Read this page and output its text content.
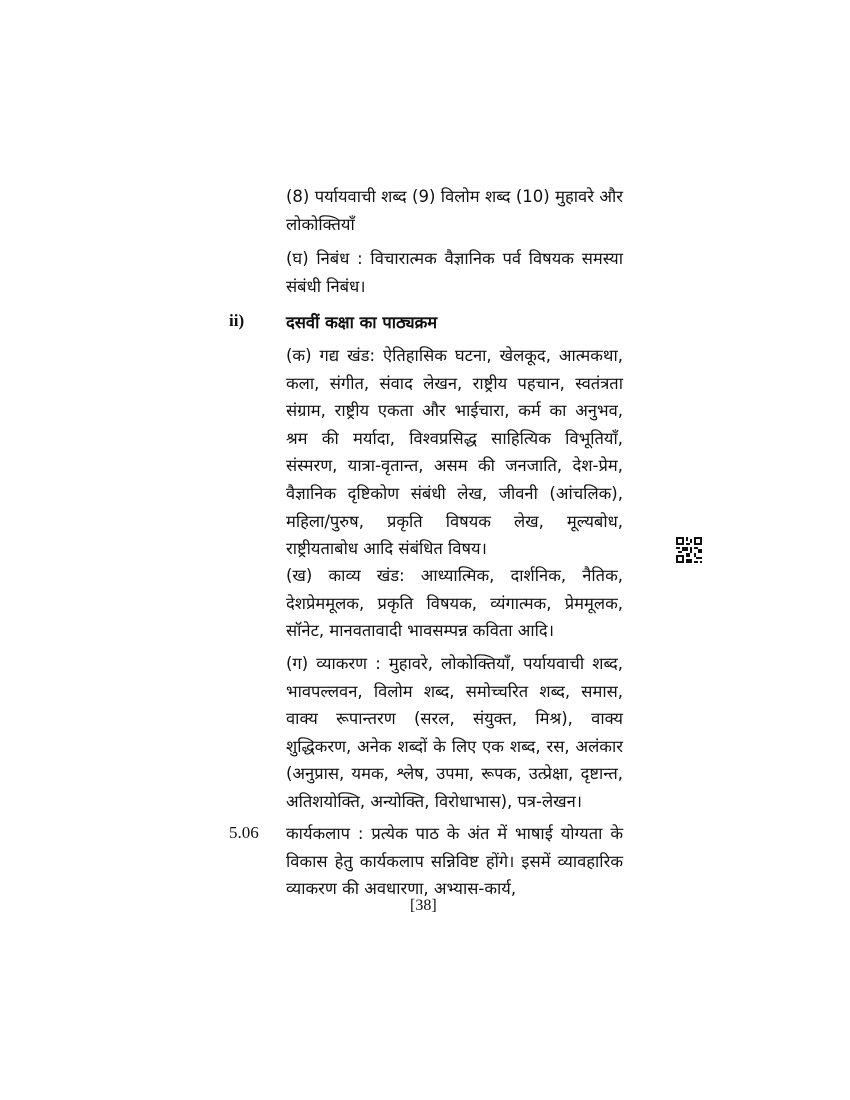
(8) पर्यायवाची शब्द (9) विलोम शब्द (10) मुहावरे और लोकोक्तियाँ
(घ) निबंध : विचारात्मक वैज्ञानिक पर्व विषयक समस्या संबंधी निबंध।
ii)	दसवीं कक्षा का पाठ्यक्रम
(क) गद्य खंड: ऐतिहासिक घटना, खेलकूद, आत्मकथा, कला, संगीत, संवाद लेखन, राष्ट्रीय पहचान, स्वतंत्रता संग्राम, राष्ट्रीय एकता और भाईचारा, कर्म का अनुभव, श्रम की मर्यादा, विश्वप्रसिद्ध साहित्यिक विभूतियाँ, संस्मरण, यात्रा-वृतान्त, असम की जनजाति, देश-प्रेम, वैज्ञानिक दृष्टिकोण संबंधी लेख, जीवनी (आंचलिक), महिला/पुरुष, प्रकृति विषयक लेख, मूल्यबोध, राष्ट्रीयताबोध आदि संबंधित विषय।
(ख) काव्य खंड: आध्यात्मिक, दार्शनिक, नैतिक, देशप्रेममूलक, प्रकृति विषयक, व्यंगात्मक, प्रेममूलक, सॉनेट, मानवतावादी भावसम्पन्न कविता आदि।
(ग) व्याकरण : मुहावरे, लोकोक्तियाँ, पर्यायवाची शब्द, भावपल्लवन, विलोम शब्द, समोच्चरित शब्द, समास, वाक्य रूपान्तरण (सरल, संयुक्त, मिश्र), वाक्य शुद्धिकरण, अनेक शब्दों के लिए एक शब्द, रस, अलंकार (अनुप्रास, यमक, श्लेष, उपमा, रूपक, उत्प्रेक्षा, दृष्टान्त, अतिशयोक्ति, अन्योक्ति, विरोधाभास), पत्र-लेखन।
5.06 कार्यकलाप : प्रत्येक पाठ के अंत में भाषाई योग्यता के विकास हेतु कार्यकलाप सन्निविष्ट होंगे। इसमें व्यावहारिक व्याकरण की अवधारणा, अभ्यास-कार्य,
[38]
